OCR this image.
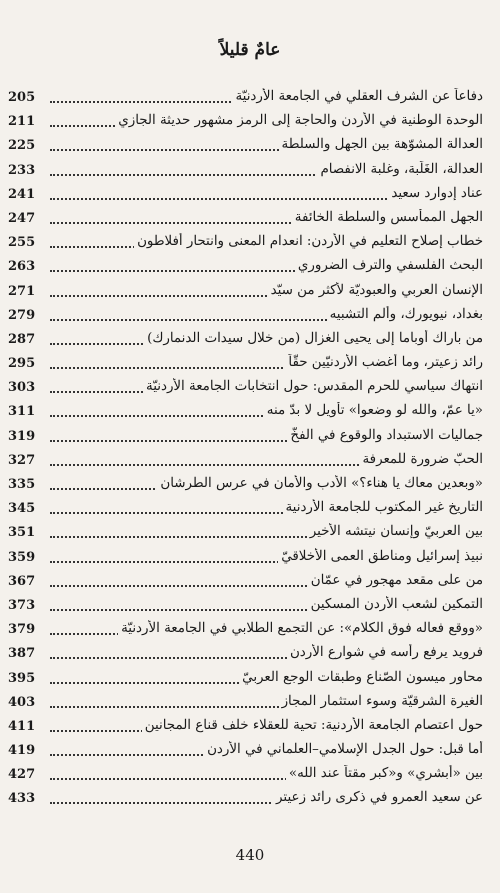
عامٌ قليلاً
205	دفاعاً عن الشرف العقلي في الجامعة الأردنيّة
211	الوحدة الوطنية في الأردن والحاجة إلى الرمز مشهور حديثة الجازي
225	العدالة المشوّهة بين الجهل والسلطة
233	العدالة، الغَلَبة، وغلبة الانفصام
241	عناد إدوارد سعيد
247	الجهل الممأسس والسلطة الخائفة
255	خطاب إصلاح التعليم في الأردن: انعدام المعنى وانتحار أفلاطون
263	البحث الفلسفي والترف الضروري
271	الإنسان العربي والعبوديّة لأكثر من سيّد
279	بغداد، نيويورك، وألم التشبيه
287	من باراك أوباما إلى يحيى الغزال (من خلال سيدات الدنمارك)
295	رائد زعيتر، وما أغضب الأردنيّين حقّاً
303	انتهاك سياسي للحرم المقدس: حول انتخابات الجامعة الأردنيّة
311	«يا عمّ، والله لو وضعوا» تأويل لا بدّ منه
319	جماليات الاستبداد والوقوع في الفخّ
327	الحبّ ضرورة للمعرفة
335	«وبعدين معاك يا هناء؟» الأدب والأمان في عرس الطرشان
345	التاريخ غير المكتوب للجامعة الأردنية
351	بين العربيّ وإنسان نيتشه الأخير
359	نبيذ إسرائيل ومناطق العمى الأخلاقيّ
367	من على مقعد مهجور في عمّان
373	التمكين لشعب الأردن المسكين
379	«ووقع فعاله فوق الكلام»: عن التجمع الطلابي في الجامعة الأردنيّة
387	فرويد يرفع رأسه في شوارع الأردن
395	محاور ميسون الصّناع وطبقات الوجع العربيّ
403	الغيرة الشرقيّة وسوء استثمار المجاز
411	حول اعتصام الجامعة الأردنية: تحية للعقلاء خلف قناع المجانين
419	أما قبل: حول الجدل الإسلامي–العلماني في الأردن
427	بين «أبشري» و«كبر مقتاً عند الله»
433	عن سعيد العمرو في ذكرى رائد زعيتر
440
